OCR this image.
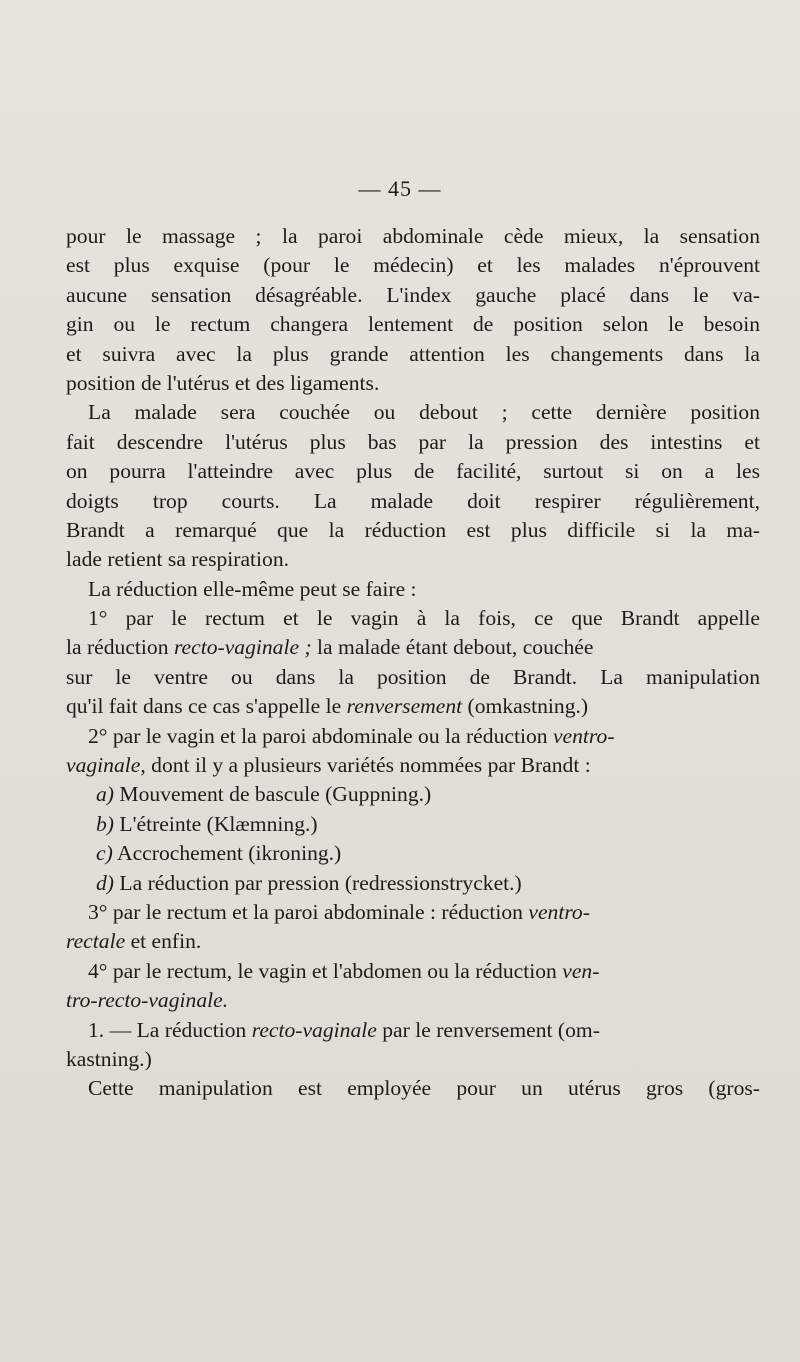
— 45 —
pour le massage ; la paroi abdominale cède mieux, la sensation
est plus exquise (pour le médecin) et les malades n'éprouvent
aucune sensation désagréable. L'index gauche placé dans le va-
gin ou le rectum changera lentement de position selon le besoin
et suivra avec la plus grande attention les changements dans la
position de l'utérus et des ligaments.
La malade sera couchée ou debout ; cette dernière position
fait descendre l'utérus plus bas par la pression des intestins et
on pourra l'atteindre avec plus de facilité, surtout si on a les
doigts trop courts. La malade doit respirer régulièrement,
Brandt a remarqué que la réduction est plus difficile si la ma-
lade retient sa respiration.
La réduction elle-même peut se faire :
1° par le rectum et le vagin à la fois, ce que Brandt appelle
la réduction recto-vaginale ; la malade étant debout, couchée
sur le ventre ou dans la position de Brandt. La manipulation
qu'il fait dans ce cas s'appelle le renversement (omkastning.)
2° par le vagin et la paroi abdominale ou la réduction ventro-
vaginale, dont il y a plusieurs variétés nommées par Brandt :
a) Mouvement de bascule (Guppning.)
b) L'étreinte (Klæmning.)
c) Accrochement (ikroning.)
d) La réduction par pression (redressionstrycket.)
3° par le rectum et la paroi abdominale : réduction ventro-
rectale et enfin.
4° par le rectum, le vagin et l'abdomen ou la réduction ven-
tro-recto-vaginale.
1. — La réduction recto-vaginale par le renversement (om-
kastning.)
Cette manipulation est employée pour un utérus gros (gros-
